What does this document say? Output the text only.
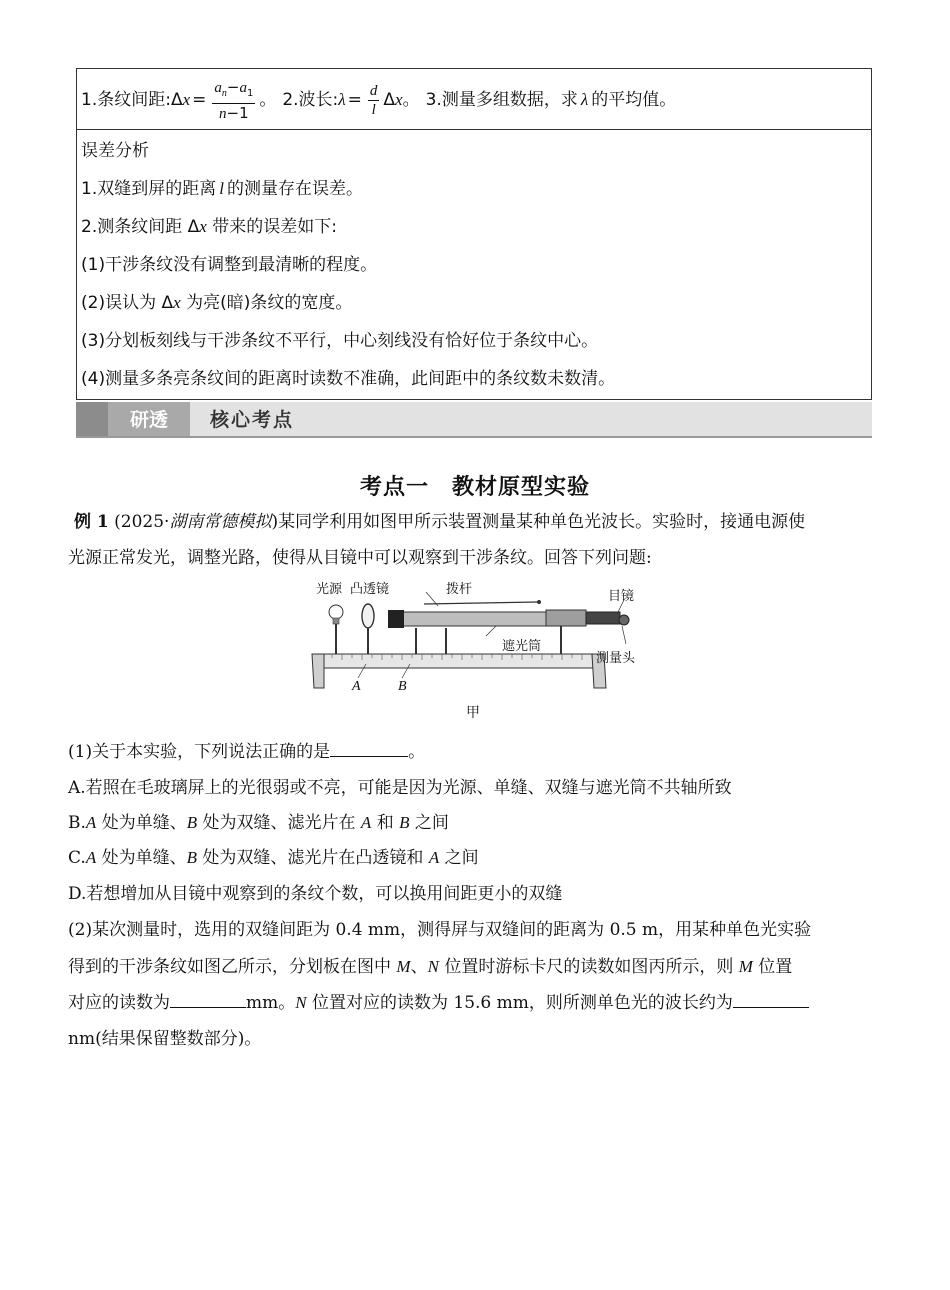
1.条纹间距:Δ $x = \frac{a_n-a_1}{n-1}$ 。 2.波长: $\lambda = \frac{d}{l}$ Δ x 。 3.测量多组数据，求 λ 的平均值。
误差分析
1.双缝到屏的距离 l 的测量存在误差。
2.测条纹间距 Δx 带来的误差如下:
(1)干涉条纹没有调整到最清晰的程度。
(2)误认为 Δx 为亮(暗)条纹的宽度。
(3)分划板刻线与干涉条纹不平行，中心刻线没有恰好位于条纹中心。
(4)测量多条亮条纹间的距离时读数不准确，此间距中的条纹数未数清。
研透	核心考点
考点一　教材原型实验
例 1 (2025·湖南常德模拟)某同学利用如图甲所示装置测量某种单色光波长。实验时，接通电源使
光源正常发光，调整光路，使得从目镜中可以观察到干涉条纹。回答下列问题:
光源 凸透镜	拨杆	目镜
遮光筒
测量头
A	B
甲
(1)关于本实验，下列说法正确的是	。
A.若照在毛玻璃屏上的光很弱或不亮，可能是因为光源、单缝、双缝与遮光筒不共轴所致
B.A 处为单缝、B 处为双缝、滤光片在 A 和 B 之间
C.A 处为单缝、B 处为双缝、滤光片在凸透镜和 A 之间
D.若想增加从目镜中观察到的条纹个数，可以换用间距更小的双缝
(2)某次测量时，选用的双缝间距为 0.4 mm，测得屏与双缝间的距离为 0.5 m，用某种单色光实验
得到的干涉条纹如图乙所示，分划板在图中 M、N 位置时游标卡尺的读数如图丙所示，则 M 位置
对应的读数为	mm。N 位置对应的读数为 15.6 mm，则所测单色光的波长约为
nm(结果保留整数部分)。
